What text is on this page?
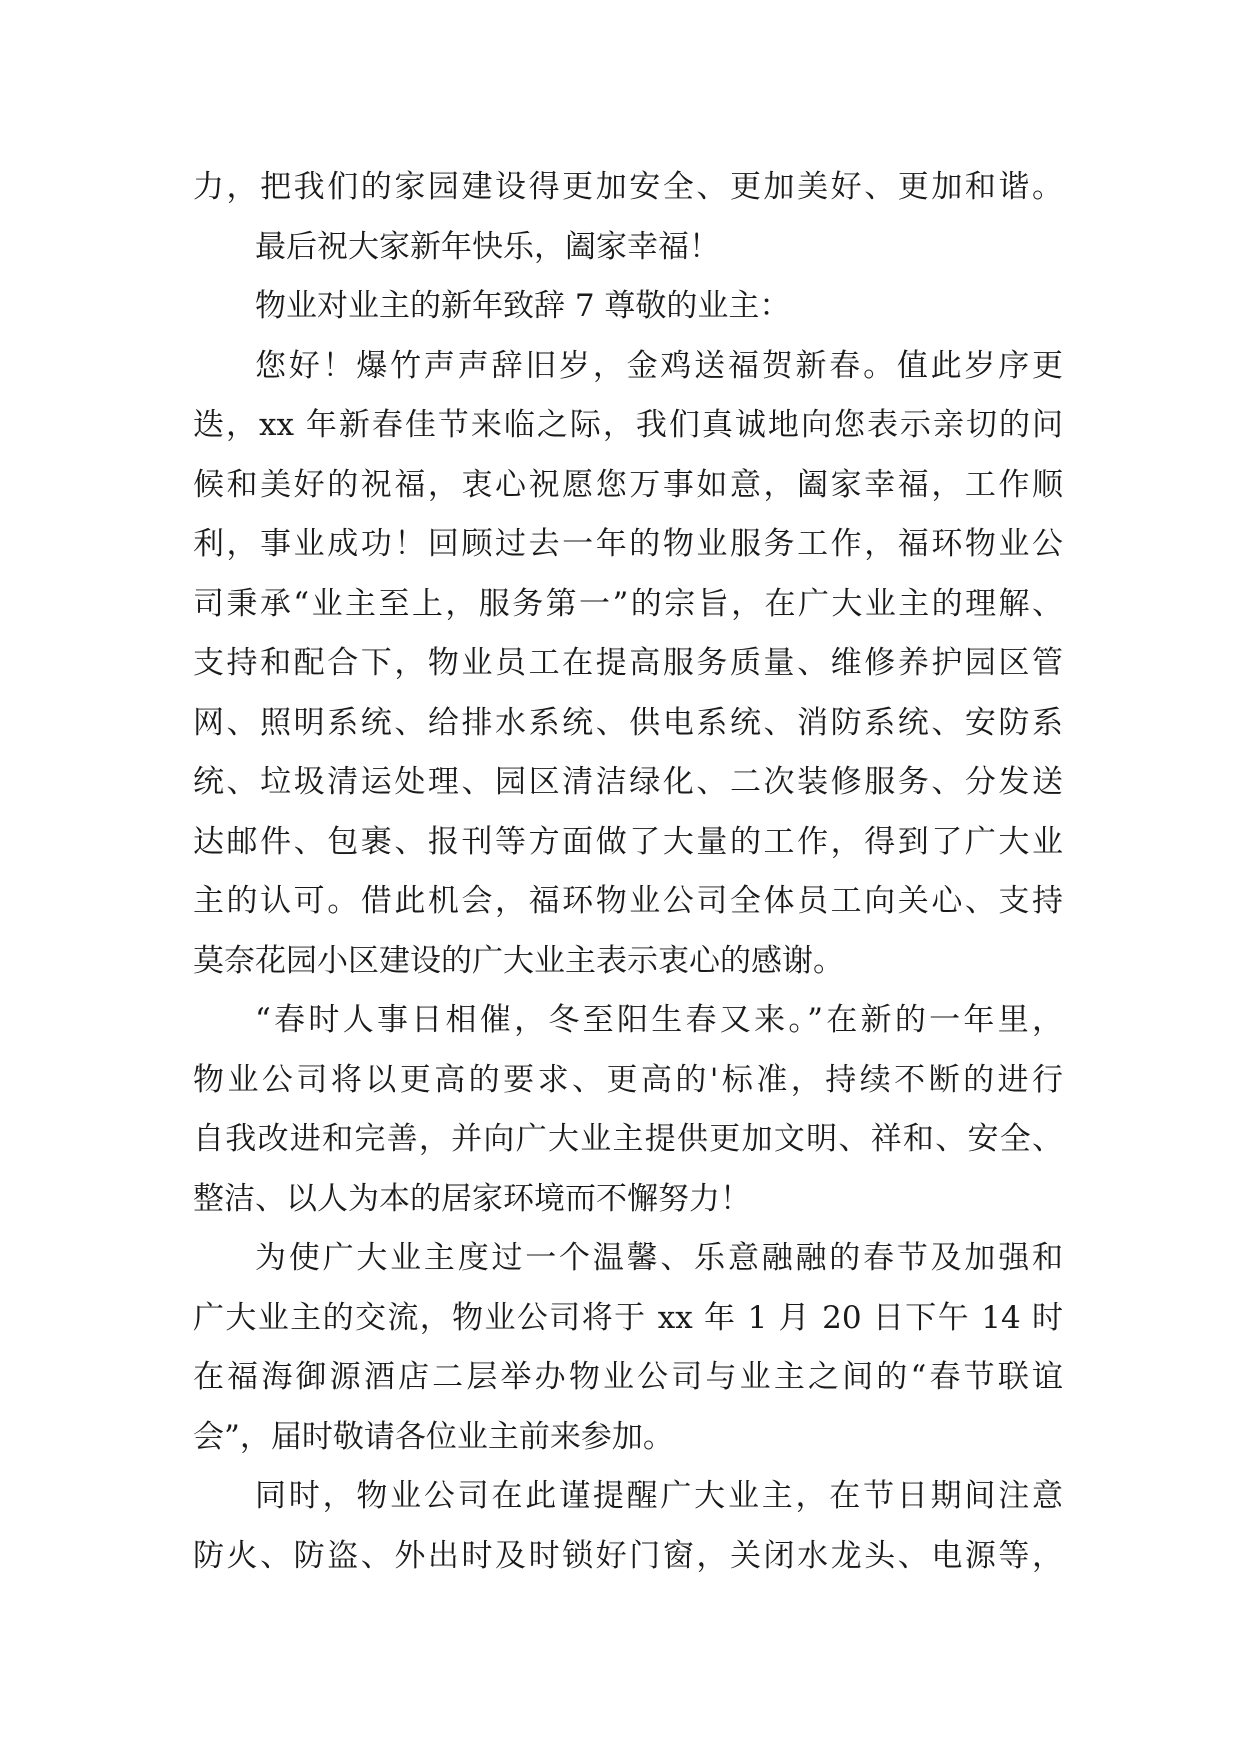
力，把我们的家园建设得更加安全、更加美好、更加和谐。
最后祝大家新年快乐，阖家幸福！
物业对业主的新年致辞 7 尊敬的业主：
您好！爆竹声声辞旧岁，金鸡送福贺新春。值此岁序更
迭，xx 年新春佳节来临之际，我们真诚地向您表示亲切的问
候和美好的祝福，衷心祝愿您万事如意，阖家幸福，工作顺
利，事业成功！回顾过去一年的物业服务工作，福环物业公
司秉承“业主至上，服务第一”的宗旨，在广大业主的理解、
支持和配合下，物业员工在提高服务质量、维修养护园区管
网、照明系统、给排水系统、供电系统、消防系统、安防系
统、垃圾清运处理、园区清洁绿化、二次装修服务、分发送
达邮件、包裹、报刊等方面做了大量的工作，得到了广大业
主的认可。借此机会，福环物业公司全体员工向关心、支持
莫奈花园小区建设的广大业主表示衷心的感谢。
“春时人事日相催，冬至阳生春又来。”在新的一年里，
物业公司将以更高的要求、更高的'标准，持续不断的进行
自我改进和完善，并向广大业主提供更加文明、祥和、安全、
整洁、以人为本的居家环境而不懈努力！
为使广大业主度过一个温馨、乐意融融的春节及加强和
广大业主的交流，物业公司将于 xx 年 1 月 20 日下午 14 时
在福海御源酒店二层举办物业公司与业主之间的“春节联谊
会”，届时敬请各位业主前来参加。
同时，物业公司在此谨提醒广大业主，在节日期间注意
防火、防盗、外出时及时锁好门窗，关闭水龙头、电源等，
